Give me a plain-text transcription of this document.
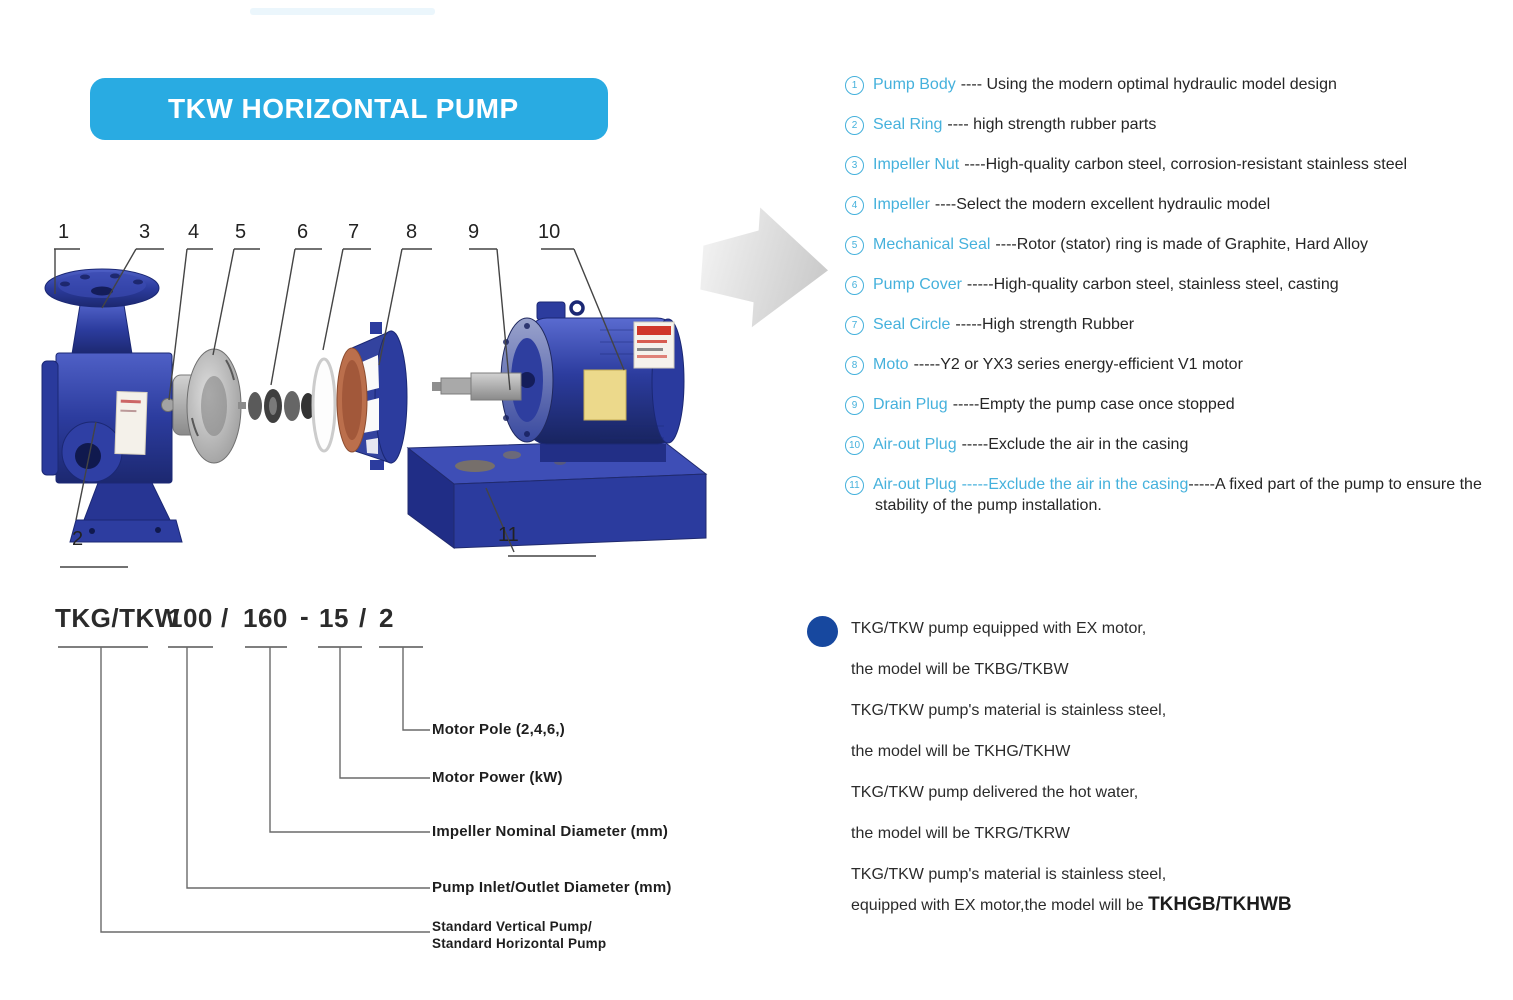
TKW HORIZONTAL PUMP
1	3 4 5	6 7 8	9	10
2	11
1 Pump Body ---- Using the modern optimal hydraulic model design
2 Seal Ring ---- high strength rubber parts
3 Impeller Nut ----High-quality carbon steel, corrosion-resistant stainless steel
4 Impeller ----Select the modern excellent hydraulic model
5 Mechanical Seal ----Rotor (stator) ring is made of Graphite, Hard Alloy
6 Pump Cover -----High-quality carbon steel, stainless steel, casting
7 Seal Circle -----High strength Rubber
8 Moto -----Y2 or YX3 series energy-efficient V1 motor
9 Drain Plug -----Empty the pump case once stopped
10 Air-out Plug -----Exclude the air in the casing
11 Air-out Plug -----Exclude the air in the casing-----A fixed part of the pump to ensure the stability of the pump installation.
TKG/TKW
100 / 160 - 15 / 2
Motor Pole (2,4,6,)
Motor Power (kW)
Impeller Nominal Diameter (mm)
Pump Inlet/Outlet Diameter (mm)
Standard Vertical Pump/
Standard Horizontal Pump
TKG/TKW pump equipped with EX motor,
the model will be TKBG/TKBW
TKG/TKW pump's material is stainless steel,
the model will be TKHG/TKHW
TKG/TKW pump delivered the hot water,
the model will be TKRG/TKRW
TKG/TKW pump's material is stainless steel,
equipped with EX motor,the model will be TKHGB/TKHWB
